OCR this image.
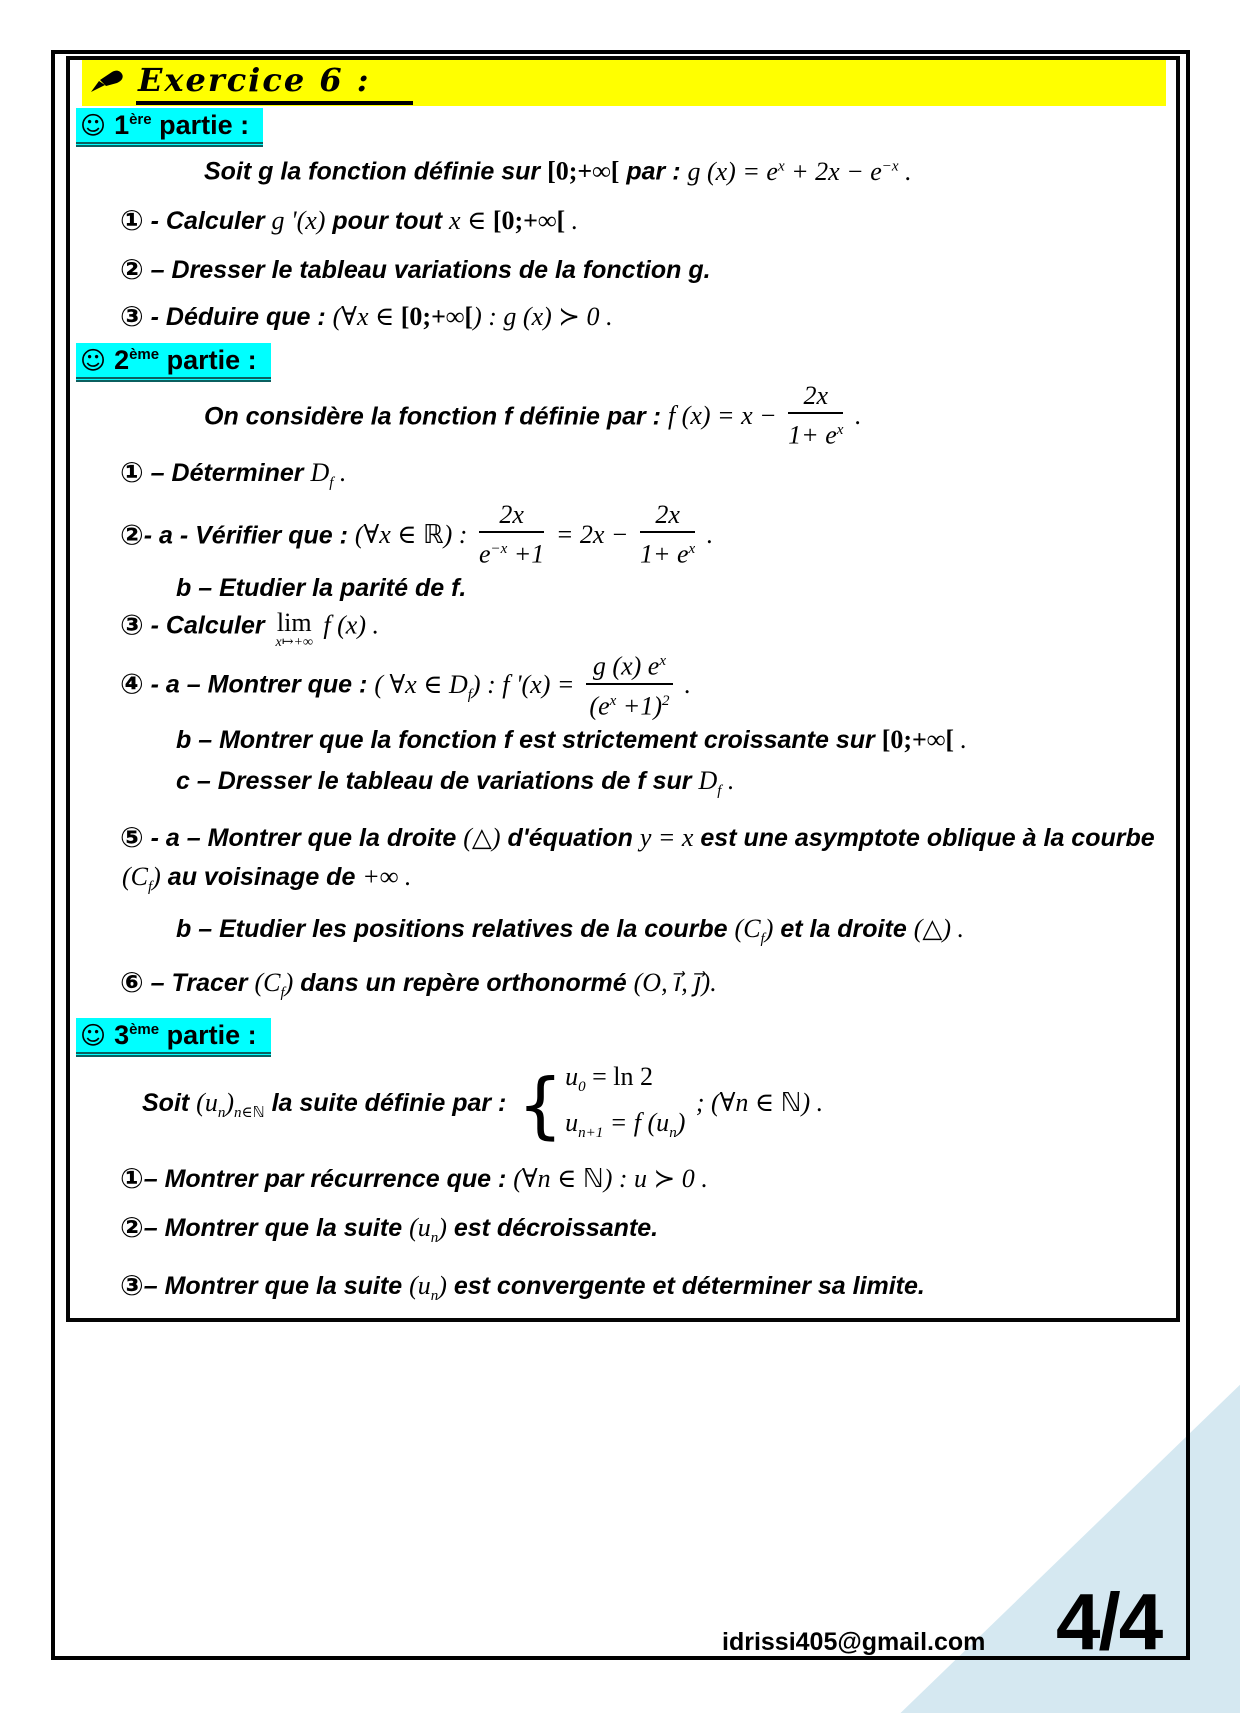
Exercice 6 :
☺ 1ère partie :
Soit g la fonction définie sur [0;+∞[ par : g $(x) = e^x + 2x - e^{-x}$ .
① - Calculer g '(x) pour tout x ∈ [0;+∞[ .
② – Dresser le tableau variations de la fonction g.
③ - Déduire que : (∀x ∈ [0;+∞[) : g (x) ≻ 0 .
☺ 2ème partie :
On considère la fonction f définie par : f $(x) = x - \frac{2x}{1+ e^x}$ .
① – Déterminer $D_f$ .
②- a - Vérifier que : (∀x ∈ ℝ) : $\frac{2x}{e^{-x} +1} = 2x - \frac{2x}{1+ e^x}$ .
b – Etudier la parité de f.
③ - Calculer lim
x↦+∞
f (x) .
④ - a – Montrer que : ( ∀x ∈ $D_f$) : f '$(x) = \frac{g (x) e^x}{(e^x +1)^2}$ .
b – Montrer que la fonction f est strictement croissante sur [0;+∞[ .
c – Dresser le tableau de variations de f sur $D_f$ .
⑤ - a – Montrer que la droite (△) d'équation y = x est une asymptote oblique à la courbe
$(C_f)$ au voisinage de +∞ .
b – Etudier les positions relatives de la courbe $(C_f)$ et la droite (△) .
⑥ – Tracer $(C_f)$ dans un repère orthonormé (O, i⃗, j⃗).
☺ 3ème partie :
Soit $(u_n)_{n\in ℕ}$ la suite définie par : { $u_0 = \ln 2$
$u_{n+1} = f$ $(u_n)$
; (∀n ∈ ℕ) .
①– Montrer par récurrence que : (∀n ∈ ℕ) : u ≻ 0 .
②– Montrer que la suite $(u_n)$ est décroissante.
③– Montrer que la suite $(u_n)$ est convergente et déterminer sa limite.
idrissi405@gmail.com 4/4
